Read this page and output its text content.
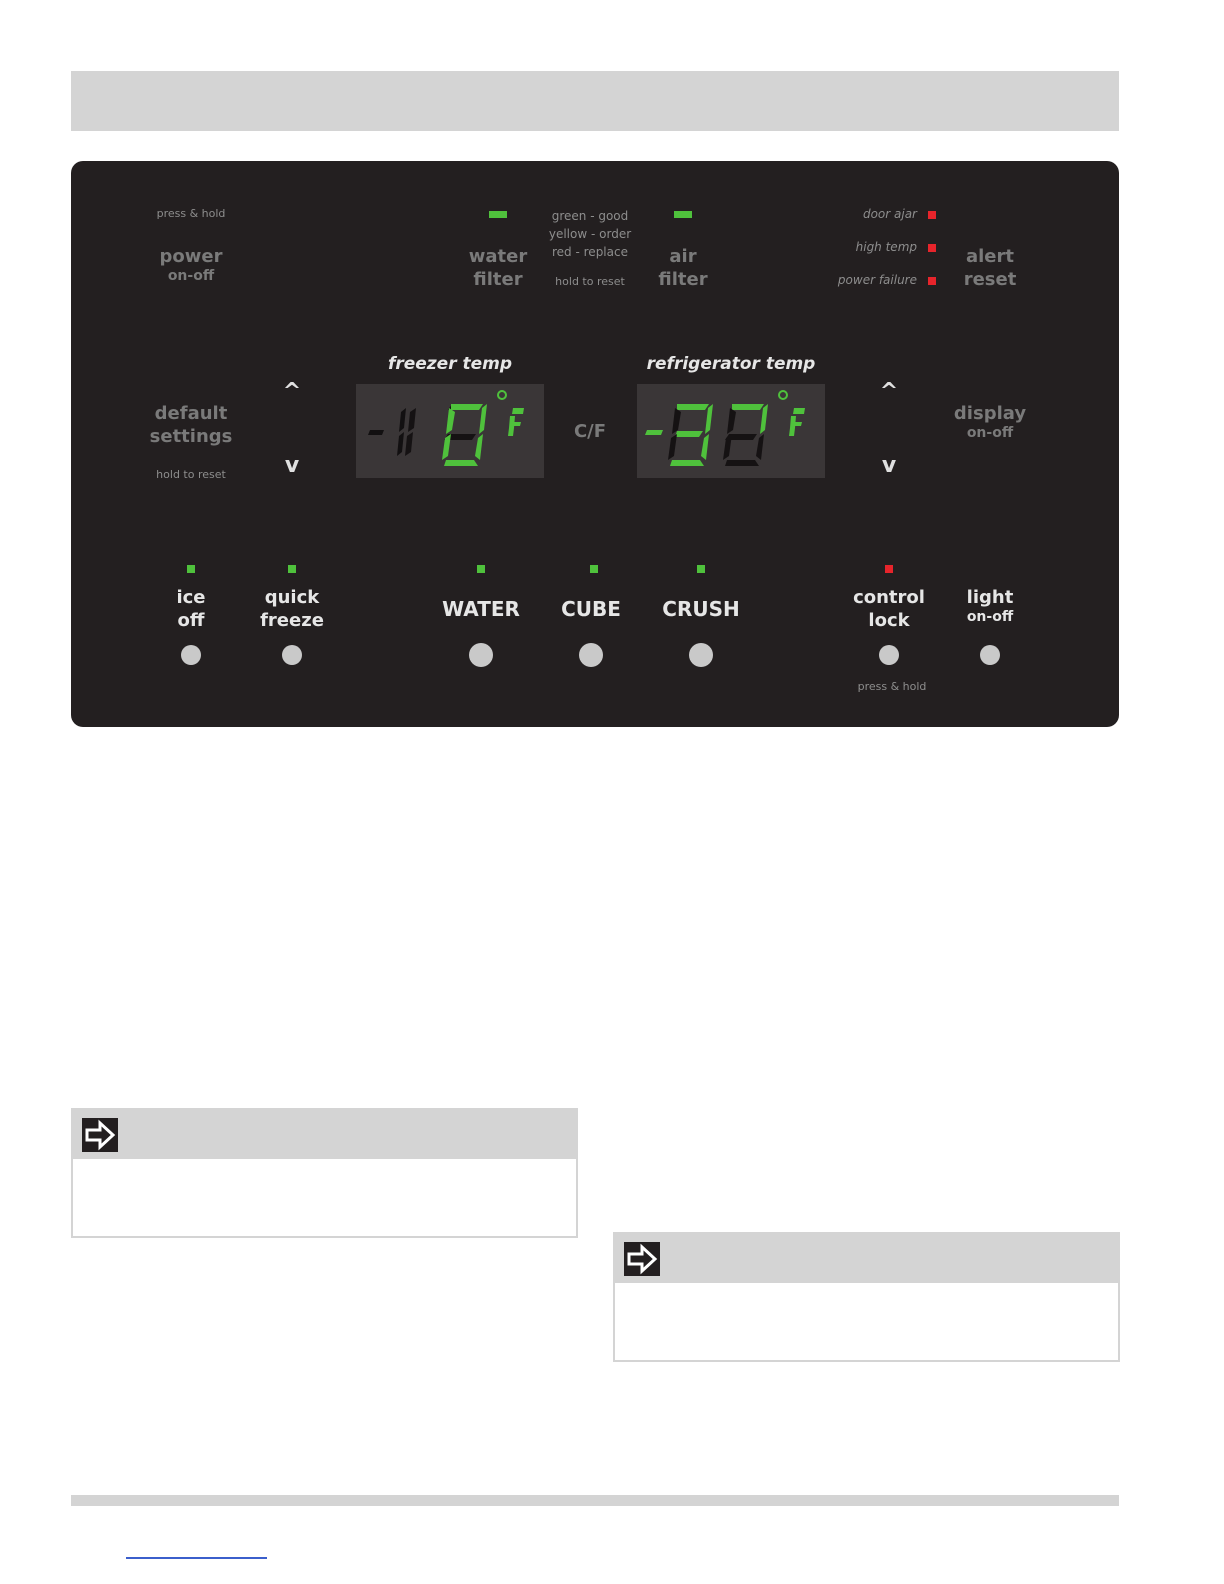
press & hold
power
on-off
water
filter
green - good
yellow - order
red - replace
hold to reset
air
filter
door ajar
high temp
power failure
alert
reset
default
settings
hold to reset
^
v
freezer temp
C/F
refrigerator temp
^
v
display
on-off
ice
off
quick
freeze	WATER CUBE CRUSH	control
lock
light
on-off
press & hold
